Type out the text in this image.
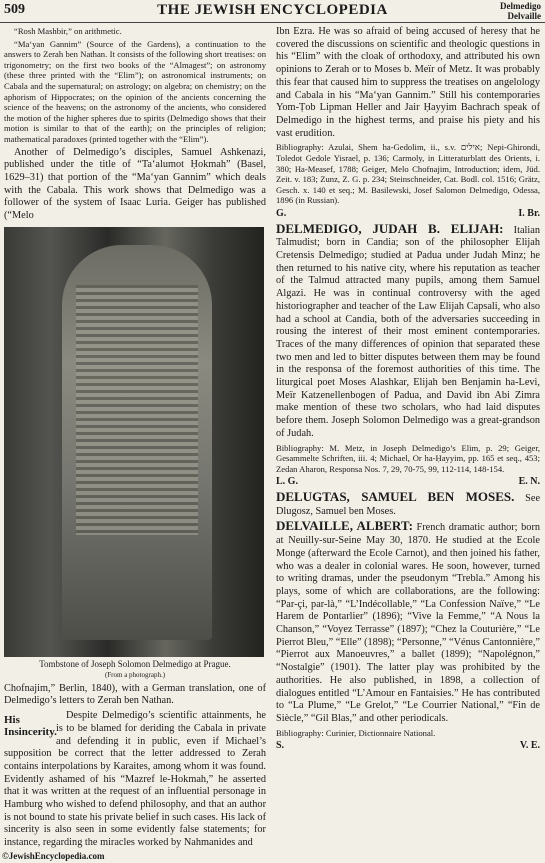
509	THE JEWISH ENCYCLOPEDIA	Delmedigo
Delvaille

“Rosh Mashbir,” on arithmetic.

“Ma‘yan Gannim” (Source of the Gardens), a continuation to the answers to Zerah ben Nathan. It consists of the following short treatises: on trigonometry; on the first two books of the “Almagest”; on astronomy (these three printed with the “Elim”); on astronomical instruments; on Cabala and the supernatural; on astrology; on algebra; on chemistry; on the aphorism of Hippocrates; on the opinion of the ancients concerning the science of the heavens; on the astronomy of the ancients, who considered the motion of the higher spheres due to spirits (Delmedigo shows that their motion is similar to that of the earth); on the principles of religion; mathematical paradoxes (printed together with the “Elim”).

Another of Delmedigo’s disciples, Samuel Ashkenazi, published under the title of “Ta‘alumot Ḥokmah” (Basel, 1629–31) that portion of the “Ma‘yan Gannim” which deals with the Cabala. This work shows that Delmedigo was a follower of the system of Isaac Luria. Geiger has published (“Melo

Tombstone of Joseph Solomon Delmedigo at Prague.
(From a photograph.)

Chofnajim,” Berlin, 1840), with a German translation, one of Delmedigo’s letters to Zerah ben Nathan.

His Insincerity.

Despite Delmedigo’s scientific attainments, he is to be blamed for deriding the Cabala in private and defending it in public, even if Michael’s supposition be correct that the letter addressed to Zerah contains interpolations by Karaites, among whom it was found. Evidently ashamed of his “Mazref le-Hokmah,” he asserted that it was written at the request of an influential personage in Hamburg who wished to defend philosophy, and that an author is not bound to state his private belief in such cases. His lack of sincerity is also seen in some evidently false statements; for instance, regarding the miracles worked by Nahmanides and

Ibn Ezra. He was so afraid of being accused of heresy that he covered the discussions on scientific and theologic questions in his “Elim” with the cloak of orthodoxy, and attributed his own opinions to Zerah or to Moses b. Meïr of Metz. It was probably this fear that caused him to suppress the treatises on angelology and Cabala in his “Ma‘yan Gannim.” Still his contemporaries Yom-Ṭob Lipman Heller and Jair Ḥayyim Bachrach speak of Delmedigo in the highest terms, and praise his piety and his vast erudition.

Bibliography: Azulai, Shem ha-Gedolim, ii., s.v. אילים; Nepi-Ghirondi, Toledot Gedole Yisrael, p. 136; Carmoly, in Litteraturblatt des Orients, i. 380; Ha-Measef, 1788; Geiger, Melo Chofnajim, Introduction; idem, Jüd. Zeit. v. 183; Zunz, Z. G. p. 234; Steinschneider, Cat. Bodl. col. 1516; Grätz, Gesch. x. 140 et seq.; M. Basilewski, Josef Salomon Delmedigo, Odessa, 1896 (in Russian).

G.	I. Br.

DELMEDIGO, JUDAH B. ELIJAH: Italian Talmudist; born in Candia; son of the philosopher Elijah Cretensis Delmedigo; studied at Padua under Judah Minz; he then returned to his native city, where his reputation as teacher of the Talmud attracted many pupils, among them Samuel Algazi. He was in continual controversy with the aged historiographer and teacher of the Law Elijah Capsali, who also had a school at Candia, both of the adversaries succeeding in rousing the interest of their most eminent contemporaries. Traces of the many differences of opinion that separated these two men and led to bitter disputes between them may be found in the responsa of the foremost authorities of this time. The liturgical poet Moses Alashkar, Elijah ben Benjamin ha-Levi, Meïr Katzenellenbogen of Padua, and David ibn Abi Zimra make mention of these two scholars, who had laid disputes before them. Joseph Solomon Delmedigo was a great-grandson of Judah.

Bibliography: M. Metz, in Joseph Delmedigo’s Elim, p. 29; Geiger, Gesammelte Schriften, iii. 4; Michael, Or ha-Ḥayyim, pp. 165 et seq., 453; Zedan Aharon, Responsa Nos. 7, 29, 70-75, 99, 112-114, 148-154.

L. G.	E. N.

DELUGTAS, SAMUEL BEN MOSES. See Dlugosz, Samuel ben Moses.

DELVAILLE, ALBERT: French dramatic author; born at Neuilly-sur-Seine May 30, 1870. He studied at the Ecole Monge (afterward the Ecole Carnot), and then joined his father, who was a dealer in colonial wares. He soon, however, turned to writing dramas, under the pseudonym “Trebla.” Among his plays, some of which are collaborations, are the following: “Par-çi, par-là,” “L’Indécollable,” “La Confession Naïve,” “Le Harem de Pontarlier” (1896); “Vive la Femme,” “A Nous la Chanson,” “Voyez Terrasse” (1897); “Chez la Couturière,” “Le Pierrot Bleu,” “Elle” (1898); “Personne,” “Vénus Cantonnière,” “Pierrot aux Manoeuvres,” a ballet (1899); “Napolégnon,” “Nostalgie” (1901). The latter play was prohibited by the authorities. He also published, in 1898, a collection of dialogues entitled “L’Amour en Fantaisies.” He has contributed to “La Plume,” “Le Grelot,” “Le Courrier National,” “Fin de Siècle,” “Gil Blas,” and other periodicals.

Bibliography: Curinier, Dictionnaire National.

S.	V. E.
©JewishEncyclopedia.com
